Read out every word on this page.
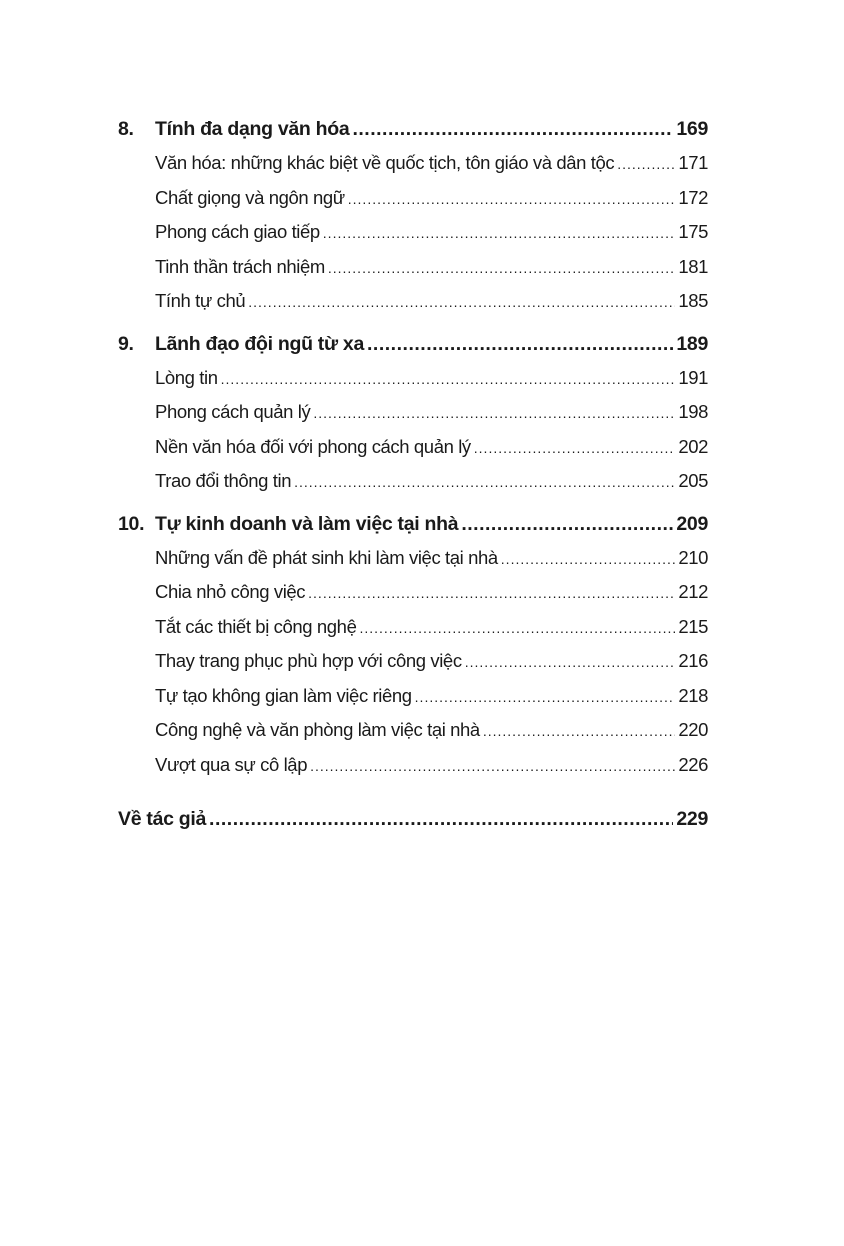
8.	Tính đa dạng văn hóa .....	169
Văn hóa: những khác biệt về quốc tịch, tôn giáo và dân tộc .....	171
Chất giọng và ngôn ngữ .....	172
Phong cách giao tiếp .....	175
Tinh thần trách nhiệm .....	181
Tính tự chủ .....	185
9.	Lãnh đạo đội ngũ từ xa .....	189
Lòng tin .....	191
Phong cách quản lý .....	198
Nền văn hóa đối với phong cách quản lý .....	202
Trao đổi thông tin .....	205
10. Tự kinh doanh và làm việc tại nhà .....	209
Những vấn đề phát sinh khi làm việc tại nhà .....	210
Chia nhỏ công việc .....	212
Tắt các thiết bị công nghệ .....	215
Thay trang phục phù hợp với công việc .....	216
Tự tạo không gian làm việc riêng .....	218
Công nghệ và văn phòng làm việc tại nhà .....	220
Vượt qua sự cô lập .....	226
Về tác giả .....	229
